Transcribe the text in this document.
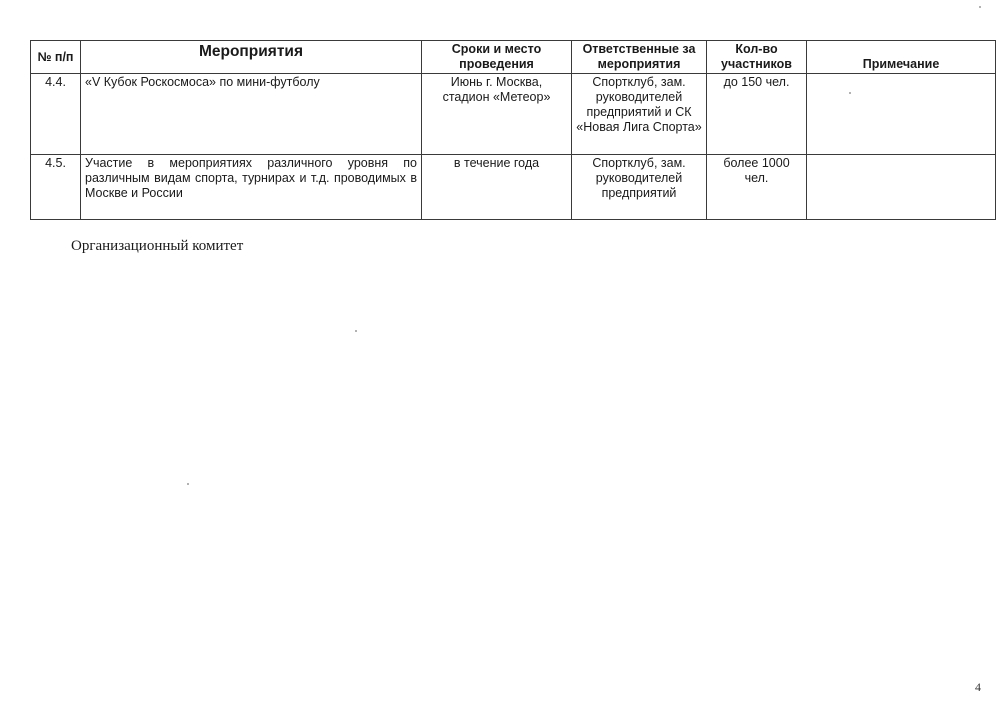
№ п/п	Мероприятия	Сроки и место проведения	Ответственные за мероприятия	Кол-во участников	Примечание
4.4.	«V Кубок Роскосмоса» по мини-футболу	Июнь г. Москва, стадион «Метеор»	Спортклуб, зам. руководителей предприятий и СК «Новая Лига Спорта»	до 150 чел.	
4.5.	Участие в мероприятиях различного уровня по различным видам спорта, турнирах и т.д. проводимых в Москве и России	в течение года	Спортклуб, зам. руководителей предприятий	более 1000 чел.	
Организационный комитет
4
